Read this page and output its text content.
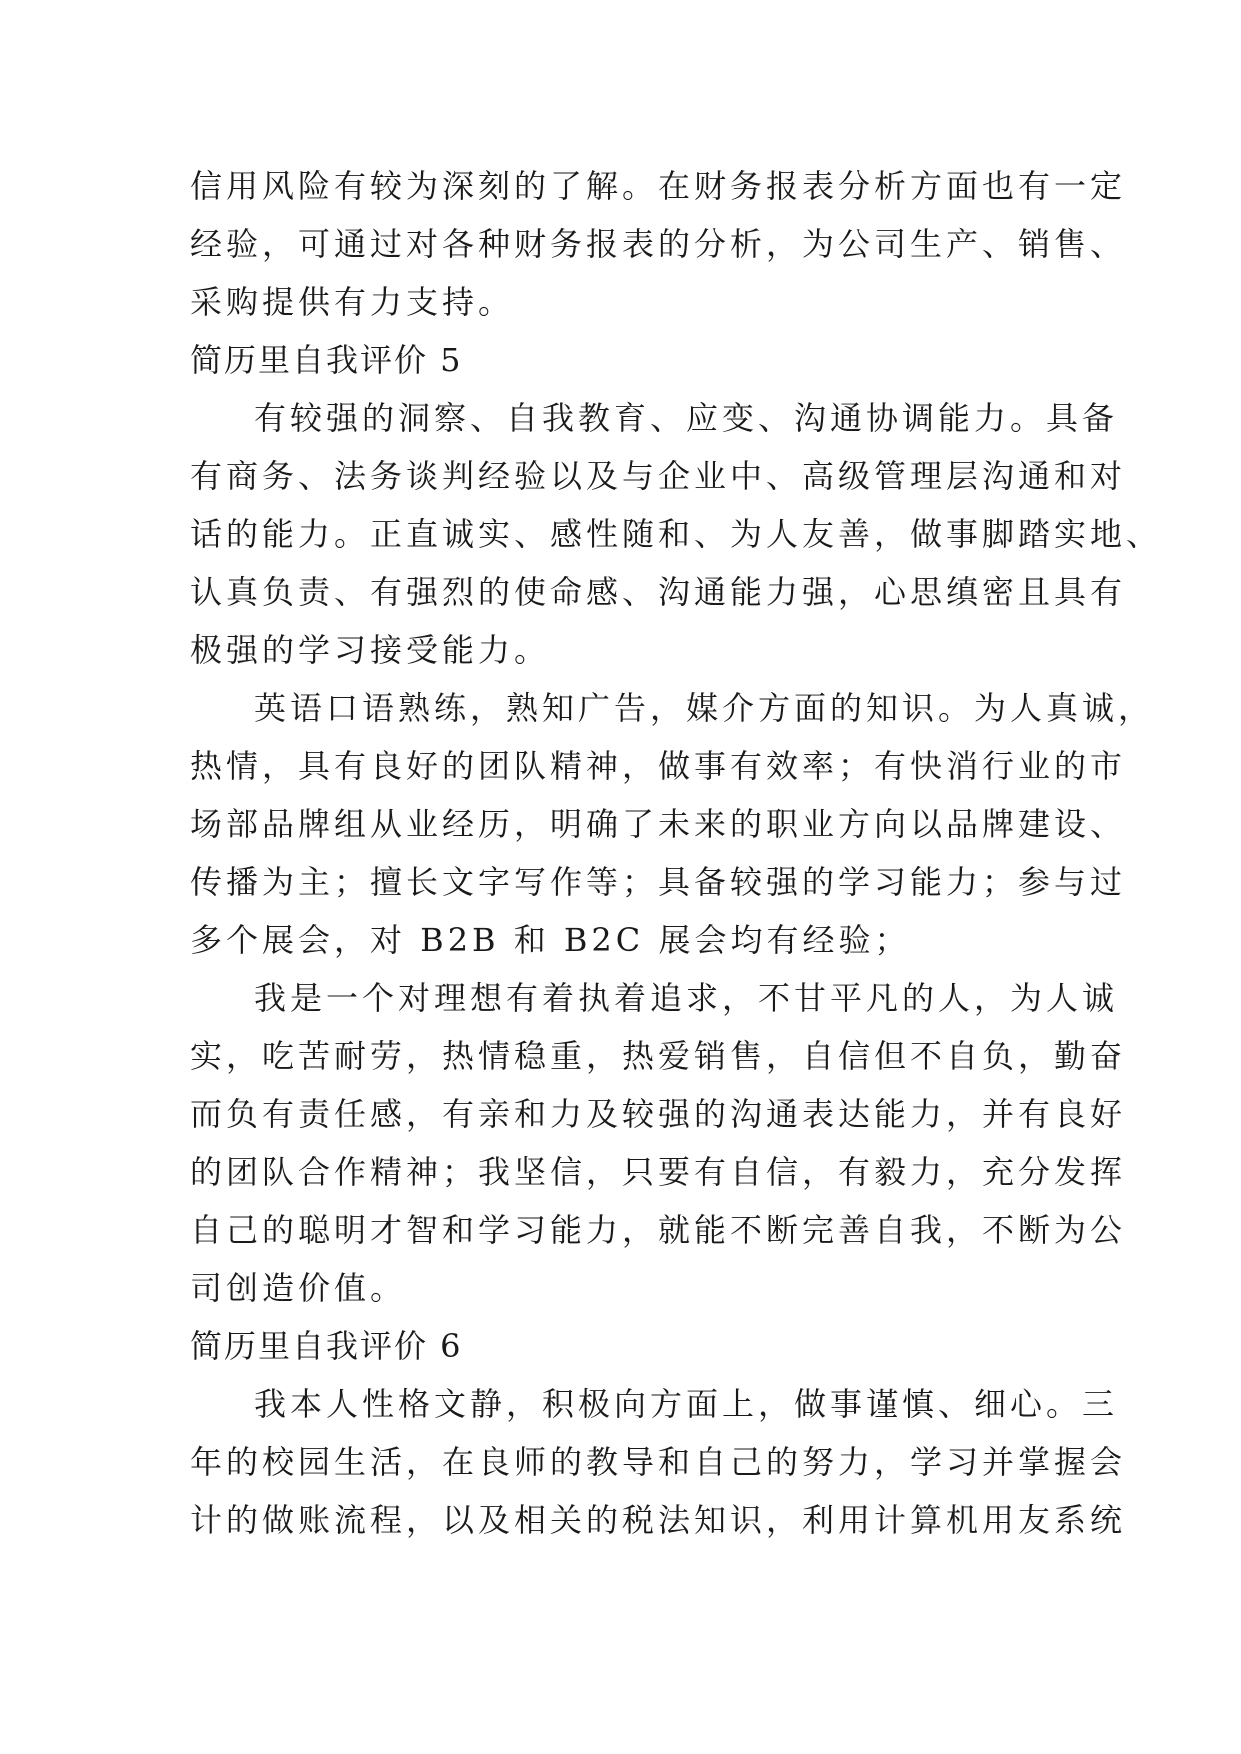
信用风险有较为深刻的了解。在财务报表分析方面也有一定
经验，可通过对各种财务报表的分析，为公司生产、销售、
采购提供有力支持。
简历里自我评价 5
有较强的洞察、自我教育、应变、沟通协调能力。具备
有商务、法务谈判经验以及与企业中、高级管理层沟通和对
话的能力。正直诚实、感性随和、为人友善，做事脚踏实地、
认真负责、有强烈的使命感、沟通能力强，心思缜密且具有
极强的学习接受能力。
英语口语熟练，熟知广告，媒介方面的知识。为人真诚，
热情，具有良好的团队精神，做事有效率；有快消行业的市
场部品牌组从业经历，明确了未来的职业方向以品牌建设、
传播为主；擅长文字写作等；具备较强的学习能力；参与过
多个展会，对 B2B 和 B2C 展会均有经验；
我是一个对理想有着执着追求，不甘平凡的人，为人诚
实，吃苦耐劳，热情稳重，热爱销售，自信但不自负，勤奋
而负有责任感，有亲和力及较强的沟通表达能力，并有良好
的团队合作精神；我坚信，只要有自信，有毅力，充分发挥
自己的聪明才智和学习能力，就能不断完善自我，不断为公
司创造价值。
简历里自我评价 6
我本人性格文静，积极向方面上，做事谨慎、细心。三
年的校园生活，在良师的教导和自己的努力，学习并掌握会
计的做账流程，以及相关的税法知识，利用计算机用友系统
